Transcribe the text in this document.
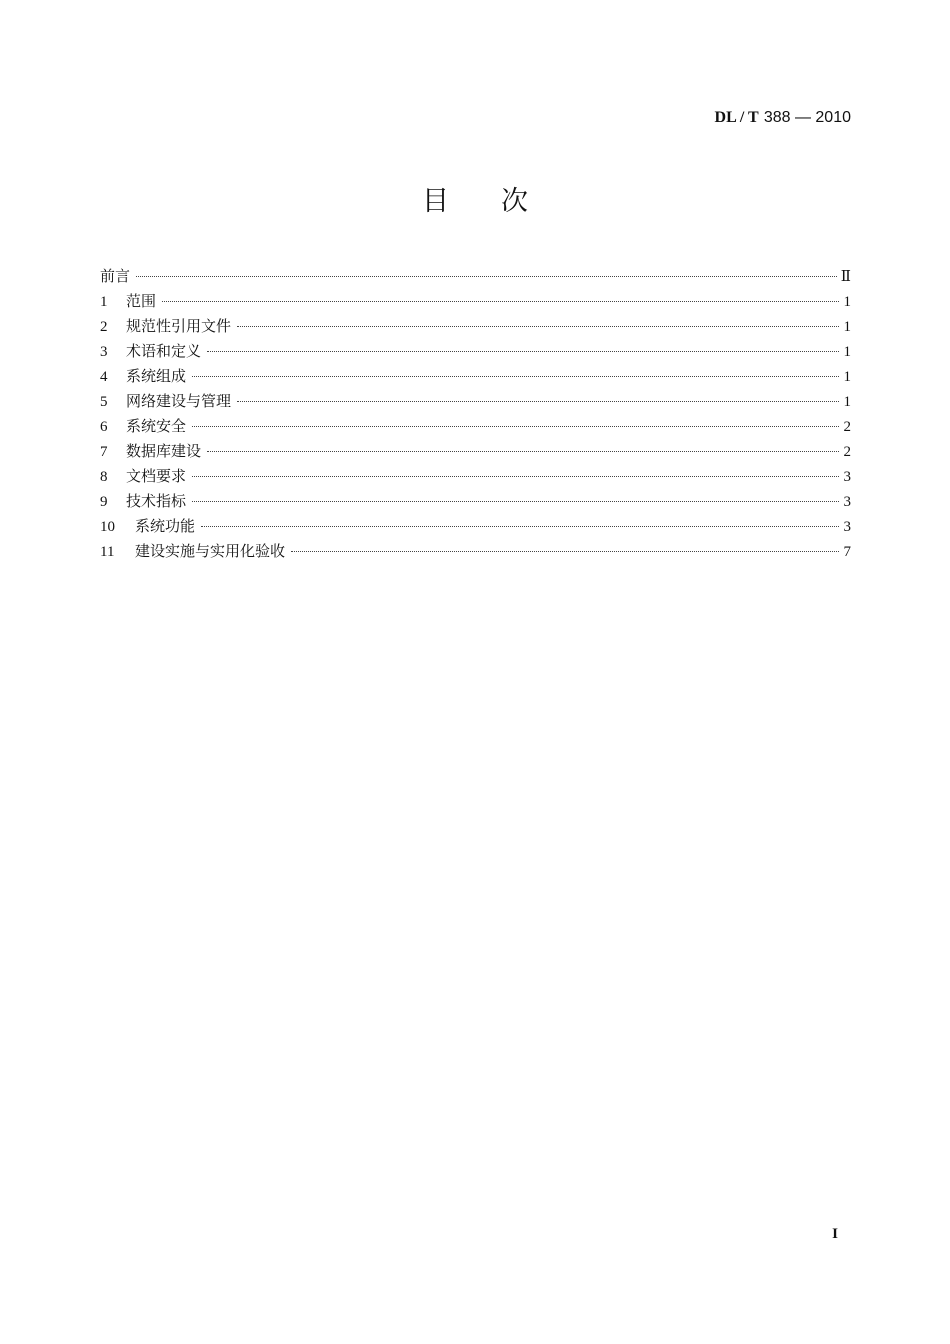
DL / T 388 — 2010
目 次
前言	Ⅱ
1	范围	1
2	规范性引用文件	1
3	术语和定义	1
4	系统组成	1
5	网络建设与管理	1
6	系统安全	2
7	数据库建设	2
8	文档要求	3
9	技术指标	3
10	系统功能	3
11	建设实施与实用化验收	7
I
